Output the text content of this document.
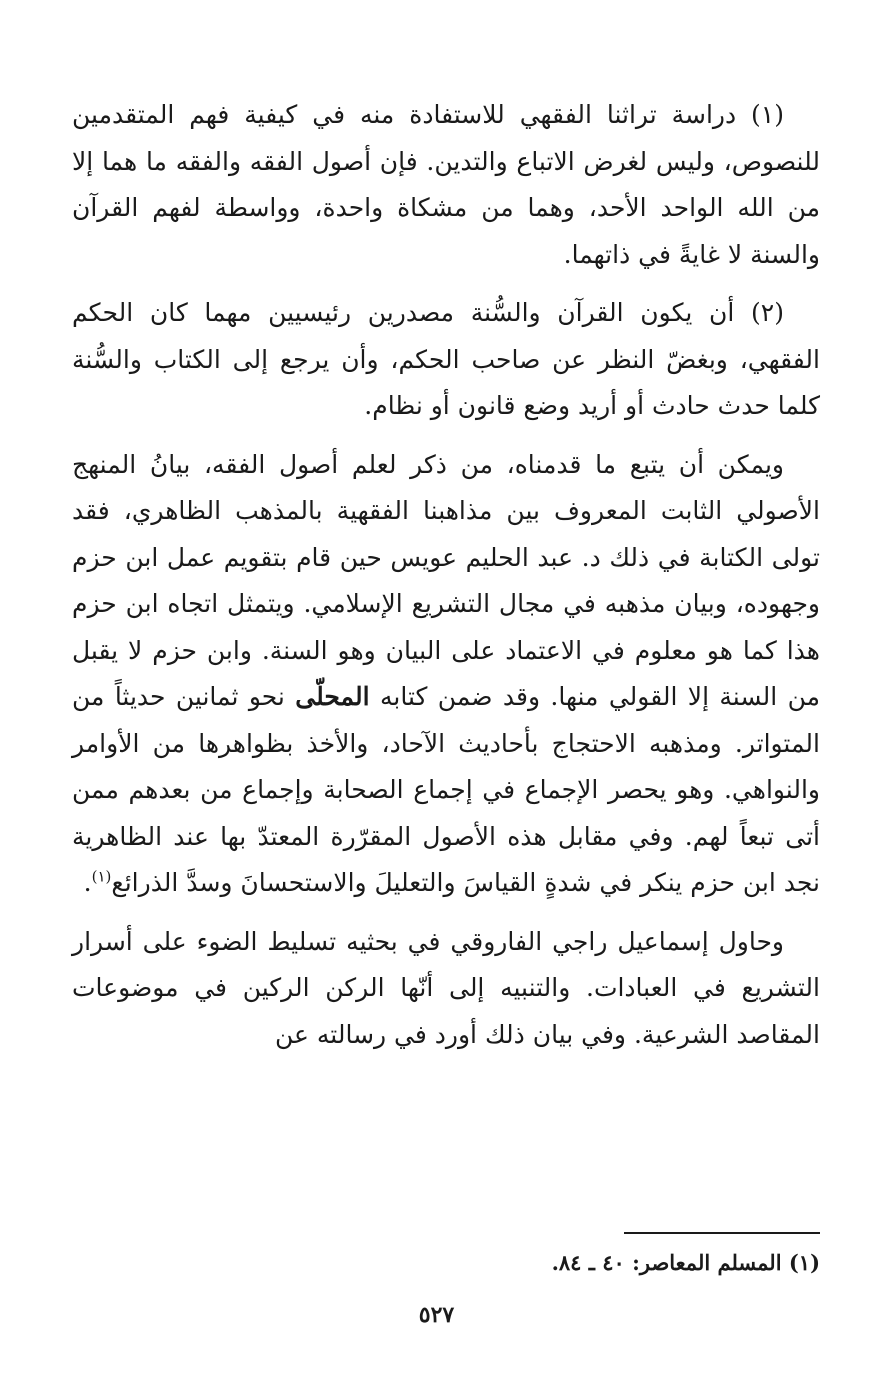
(١) دراسة تراثنا الفقهي للاستفادة منه في كيفية فهم المتقدمين للنصوص، وليس لغرض الاتباع والتدين. فإن أصول الفقه والفقه ما هما إلا من الله الواحد الأحد، وهما من مشكاة واحدة، وواسطة لفهم القرآن والسنة لا غايةً في ذاتهما.

(٢) أن يكون القرآن والسُّنة مصدرين رئيسيين مهما كان الحكم الفقهي، وبغضّ النظر عن صاحب الحكم، وأن يرجع إلى الكتاب والسُّنة كلما حدث حادث أو أريد وضع قانون أو نظام.

ويمكن أن يتبع ما قدمناه، من ذكر لعلم أصول الفقه، بيانُ المنهج الأصولي الثابت المعروف بين مذاهبنا الفقهية بالمذهب الظاهري، فقد تولى الكتابة في ذلك د. عبد الحليم عويس حين قام بتقويم عمل ابن حزم وجهوده، وبيان مذهبه في مجال التشريع الإسلامي. ويتمثل اتجاه ابن حزم هذا كما هو معلوم في الاعتماد على البيان وهو السنة. وابن حزم لا يقبل من السنة إلا القولي منها. وقد ضمن كتابه المحلّى نحو ثمانين حديثاً من المتواتر. ومذهبه الاحتجاج بأحاديث الآحاد، والأخذ بظواهرها من الأوامر والنواهي. وهو يحصر الإجماع في إجماع الصحابة وإجماع من بعدهم ممن أتى تبعاً لهم. وفي مقابل هذه الأصول المقرّرة المعتدّ بها عند الظاهرية نجد ابن حزم ينكر في شدةٍ القياسَ والتعليلَ والاستحسانَ وسدَّ الذرائع$^{(١)}$.

وحاول إسماعيل راجي الفاروقي في بحثيه تسليط الضوء على أسرار التشريع في العبادات. والتنبيه إلى أنّها الركن الركين في موضوعات المقاصد الشرعية. وفي بيان ذلك أورد في رسالته عن

(١) المسلم المعاصر: ٤٠ ـ ٨٤.
٥٢٧
